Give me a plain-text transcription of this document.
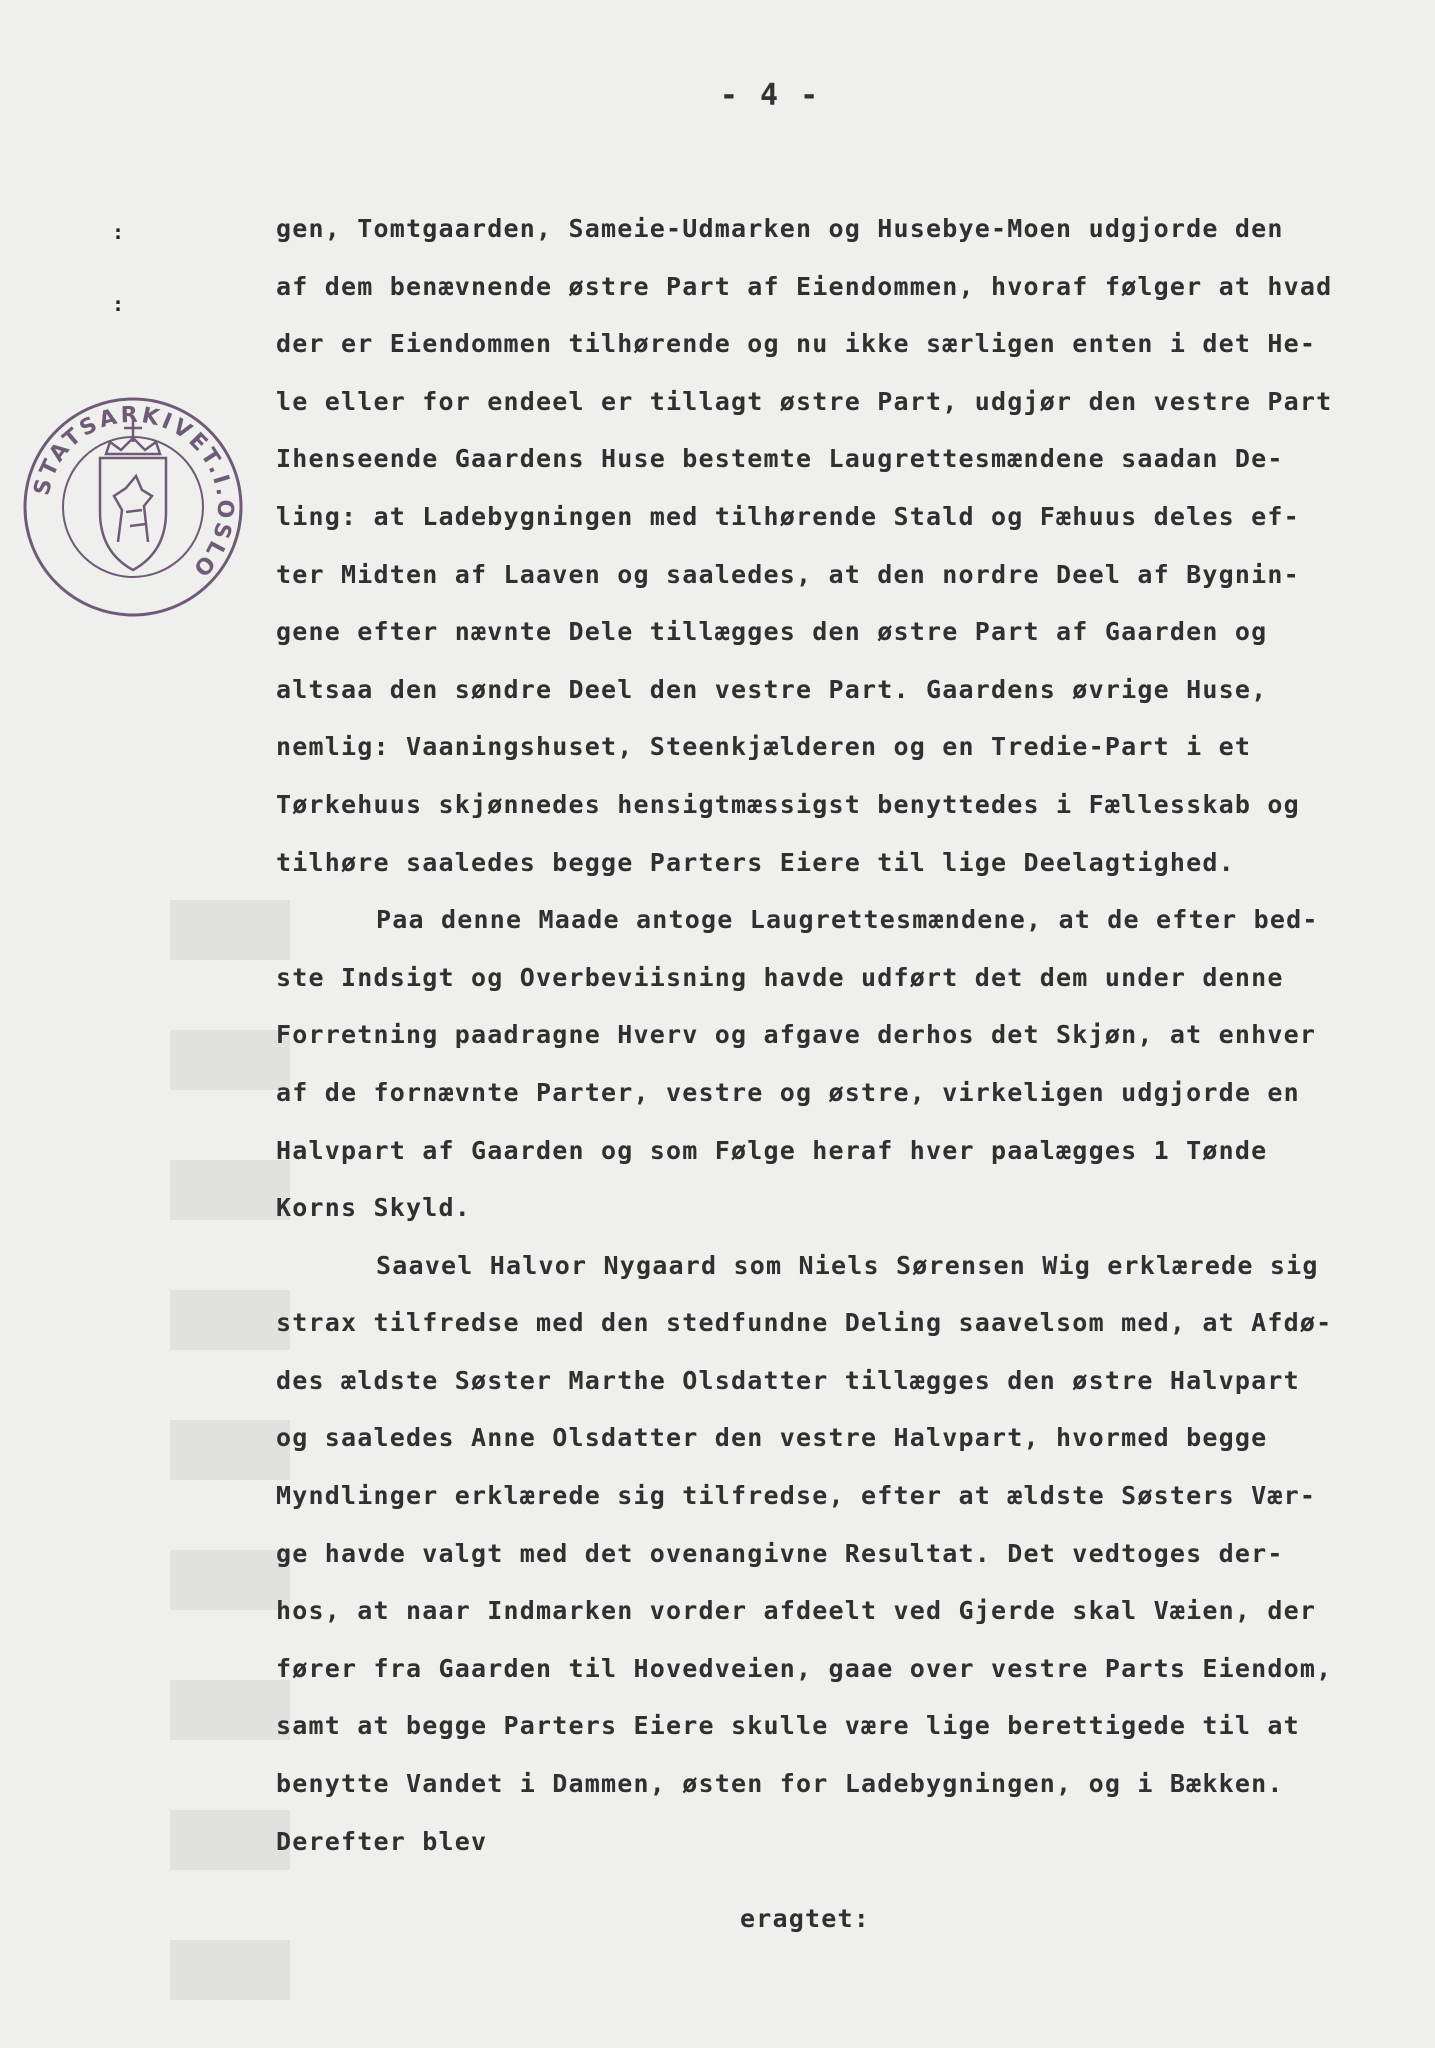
- 4 -
:
:
STATSARKIVET.I.OSLO
gen, Tomtgaarden, Sameie-Udmarken og Husebye-Moen udgjorde den
af dem benævnende østre Part af Eiendommen, hvoraf følger at hvad
der er Eiendommen tilhørende og nu ikke særligen enten i det He-
le eller for endeel er tillagt østre Part, udgjør den vestre Part
Ihenseende Gaardens Huse bestemte Laugrettesmændene saadan De-
ling: at Ladebygningen med tilhørende Stald og Fæhuus deles ef-
ter Midten af Laaven og saaledes, at den nordre Deel af Bygnin-
gene efter nævnte Dele tillægges den østre Part af Gaarden og
altsaa den søndre Deel den vestre Part. Gaardens øvrige Huse,
nemlig: Vaaningshuset, Steenkjælderen og en Tredie-Part i et
Tørkehuus skjønnedes hensigtmæssigst benyttedes i Fællesskab og
tilhøre saaledes begge Parters Eiere til lige Deelagtighed.
Paa denne Maade antoge Laugrettesmændene, at de efter bed-
ste Indsigt og Overbeviisning havde udført det dem under denne
Forretning paadragne Hverv og afgave derhos det Skjøn, at enhver
af de fornævnte Parter, vestre og østre, virkeligen udgjorde en
Halvpart af Gaarden og som Følge heraf hver paalægges 1 Tønde
Korns Skyld.
Saavel Halvor Nygaard som Niels Sørensen Wig erklærede sig
strax tilfredse med den stedfundne Deling saavelsom med, at Afdø-
des ældste Søster Marthe Olsdatter tillægges den østre Halvpart
og saaledes Anne Olsdatter den vestre Halvpart, hvormed begge
Myndlinger erklærede sig tilfredse, efter at ældste Søsters Vær-
ge havde valgt med det ovenangivne Resultat. Det vedtoges der-
hos, at naar Indmarken vorder afdeelt ved Gjerde skal Væien, der
fører fra Gaarden til Hovedveien, gaae over vestre Parts Eiendom,
samt at begge Parters Eiere skulle være lige berettigede til at
benytte Vandet i Dammen, østen for Ladebygningen, og i Bækken.
Derefter blev
eragtet:
